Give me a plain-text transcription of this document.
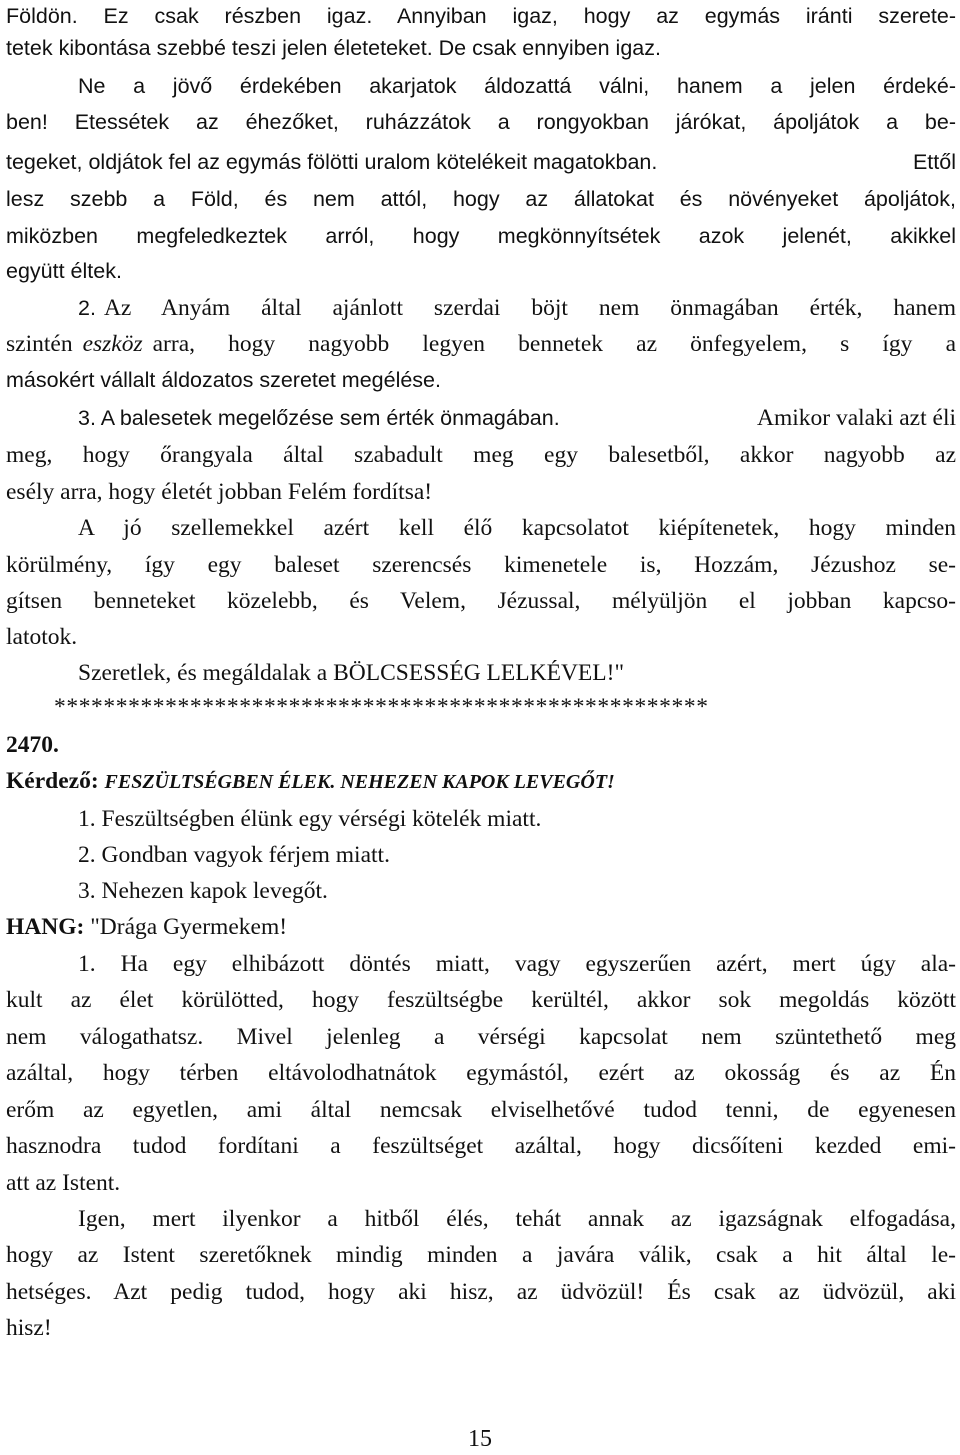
Földön. Ez csak részben igaz. Annyiban igaz, hogy az egymás iránti szerete-
tetek kibontása szebbé teszi jelen életeteket. De csak ennyiben igaz.
Ne a jövő érdekében akarjatok áldozattá válni, hanem a jelen érdeké-
ben! Etessétek az éhezőket, ruházzátok a rongyokban járókat, ápoljátok a be-
tegeket, oldjátok fel az egymás fölötti uralom kötelékeit magatokban.	Ettől
lesz szebb a Föld, és nem attól, hogy az állatokat és növényeket ápoljátok,
miközben megfeledkeztek arról, hogy megkönnyítsétek azok jelenét, akikkel
együtt éltek.
2. Az Anyám által ajánlott szerdai böjt nem önmagában érték, hanem
szintén eszköz arra, hogy nagyobb legyen bennetek az önfegyelem, s így a
másokért vállalt áldozatos szeretet megélése.
3. A balesetek megelőzése sem érték önmagában.	Amikor valaki azt éli
meg, hogy őrangyala által szabadult meg egy balesetből, akkor nagyobb az
esély arra, hogy életét jobban Felém fordítsa!
A jó szellemekkel azért kell élő kapcsolatot kiépítenetek, hogy minden
körülmény, így egy baleset szerencsés kimenetele is, Hozzám, Jézushoz se-
gítsen benneteket közelebb, és Velem, Jézussal, mélyüljön el jobban kapcso-
latotok.
Szeretlek, és megáldalak a BÖLCSESSÉG LELKÉVEL!"
*****************************************************
2470.
Kérdező: FESZÜLTSÉGBEN ÉLEK. NEHEZEN KAPOK LEVEGŐT!
1. Feszültségben élünk egy vérségi kötelék miatt.
2. Gondban vagyok férjem miatt.
3. Nehezen kapok levegőt.
HANG: "Drága Gyermekem!
1. Ha egy elhibázott döntés miatt, vagy egyszerűen azért, mert úgy ala-
kult az élet körülötted, hogy feszültségbe kerültél, akkor sok megoldás között
nem válogathatsz. Mivel jelenleg a vérségi kapcsolat nem szüntethető meg
azáltal, hogy térben eltávolodhatnátok egymástól, ezért az okosság és az Én
erőm az egyetlen, ami által nemcsak elviselhetővé tudod tenni, de egyenesen
hasznodra tudod fordítani a feszültséget azáltal, hogy dicsőíteni kezded emi-
att az Istent.
Igen, mert ilyenkor a hitből élés, tehát annak az igazságnak elfogadása,
hogy az Istent szeretőknek mindig minden a javára válik, csak a hit által le-
hetséges. Azt pedig tudod, hogy aki hisz, az üdvözül! És csak az üdvözül, aki
hisz!
15
